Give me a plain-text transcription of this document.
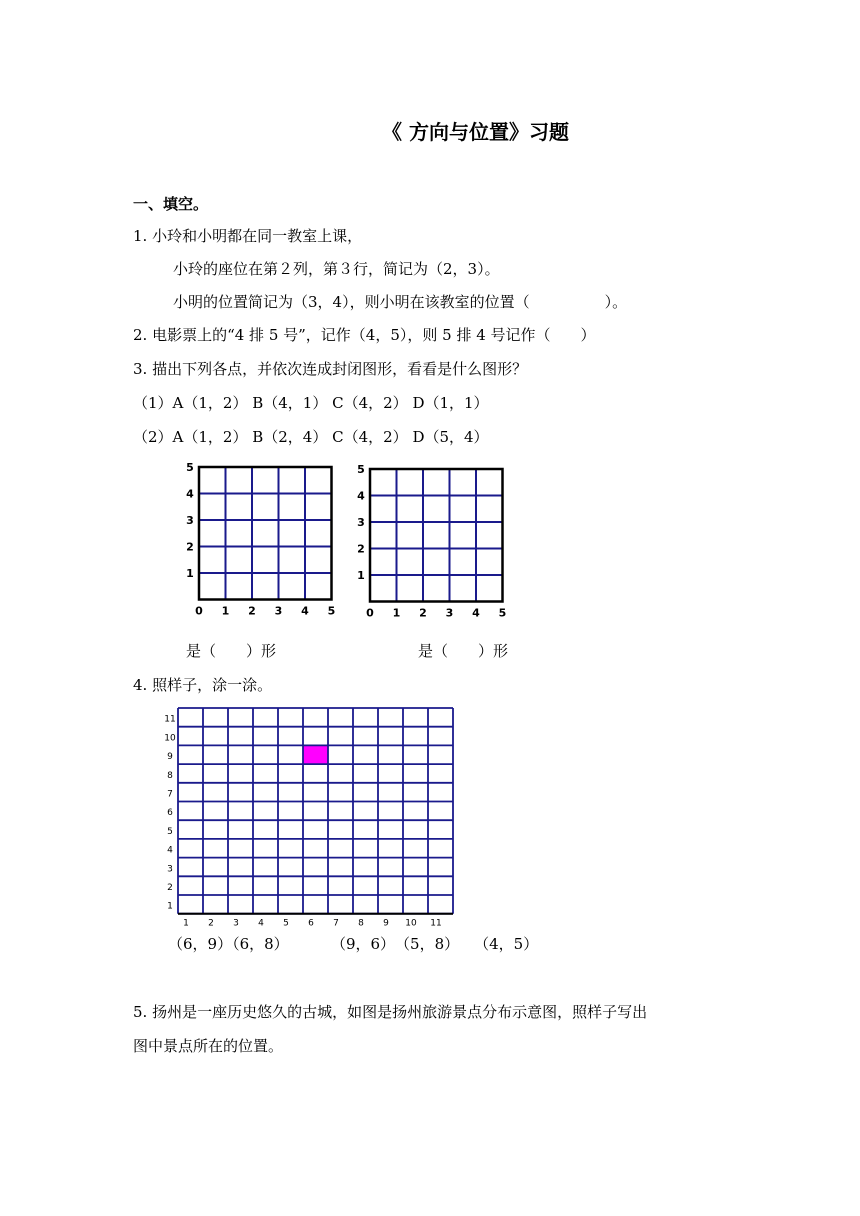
《 方向与位置》习题
一、填空。
1. 小玲和小明都在同一教室上课，
小玲的座位在第２列，第３行，简记为（2，3）。
小明的位置简记为（3，4），则小明在该教室的位置（　　　　　）。
2. 电影票上的“4 排 5 号”，记作（4，5），则 5 排 4 号记作（　　）
3. 描出下列各点，并依次连成封闭图形，看看是什么图形？
（1）A（1，2） B（4，1） C（4，2） D（1，1）
（2）A（1，2） B（2，4） C（4，2） D（5，4）
0 1 2 3 4 5
1
2
3
4
5
0 1 2 3 4 5
1
2
3
4
5
是（　　）形	是（　　）形
4. 照样子，涂一涂。
1 2 3 4 5 6 7 8 9 10 11
1
2
3
4
5
6
7
8
9
10
11
（6，9）（6，8）　　　 （9，6）　（5，8）　　（4，5）
5. 扬州是一座历史悠久的古城，如图是扬州旅游景点分布示意图，照样子写出
图中景点所在的位置。
